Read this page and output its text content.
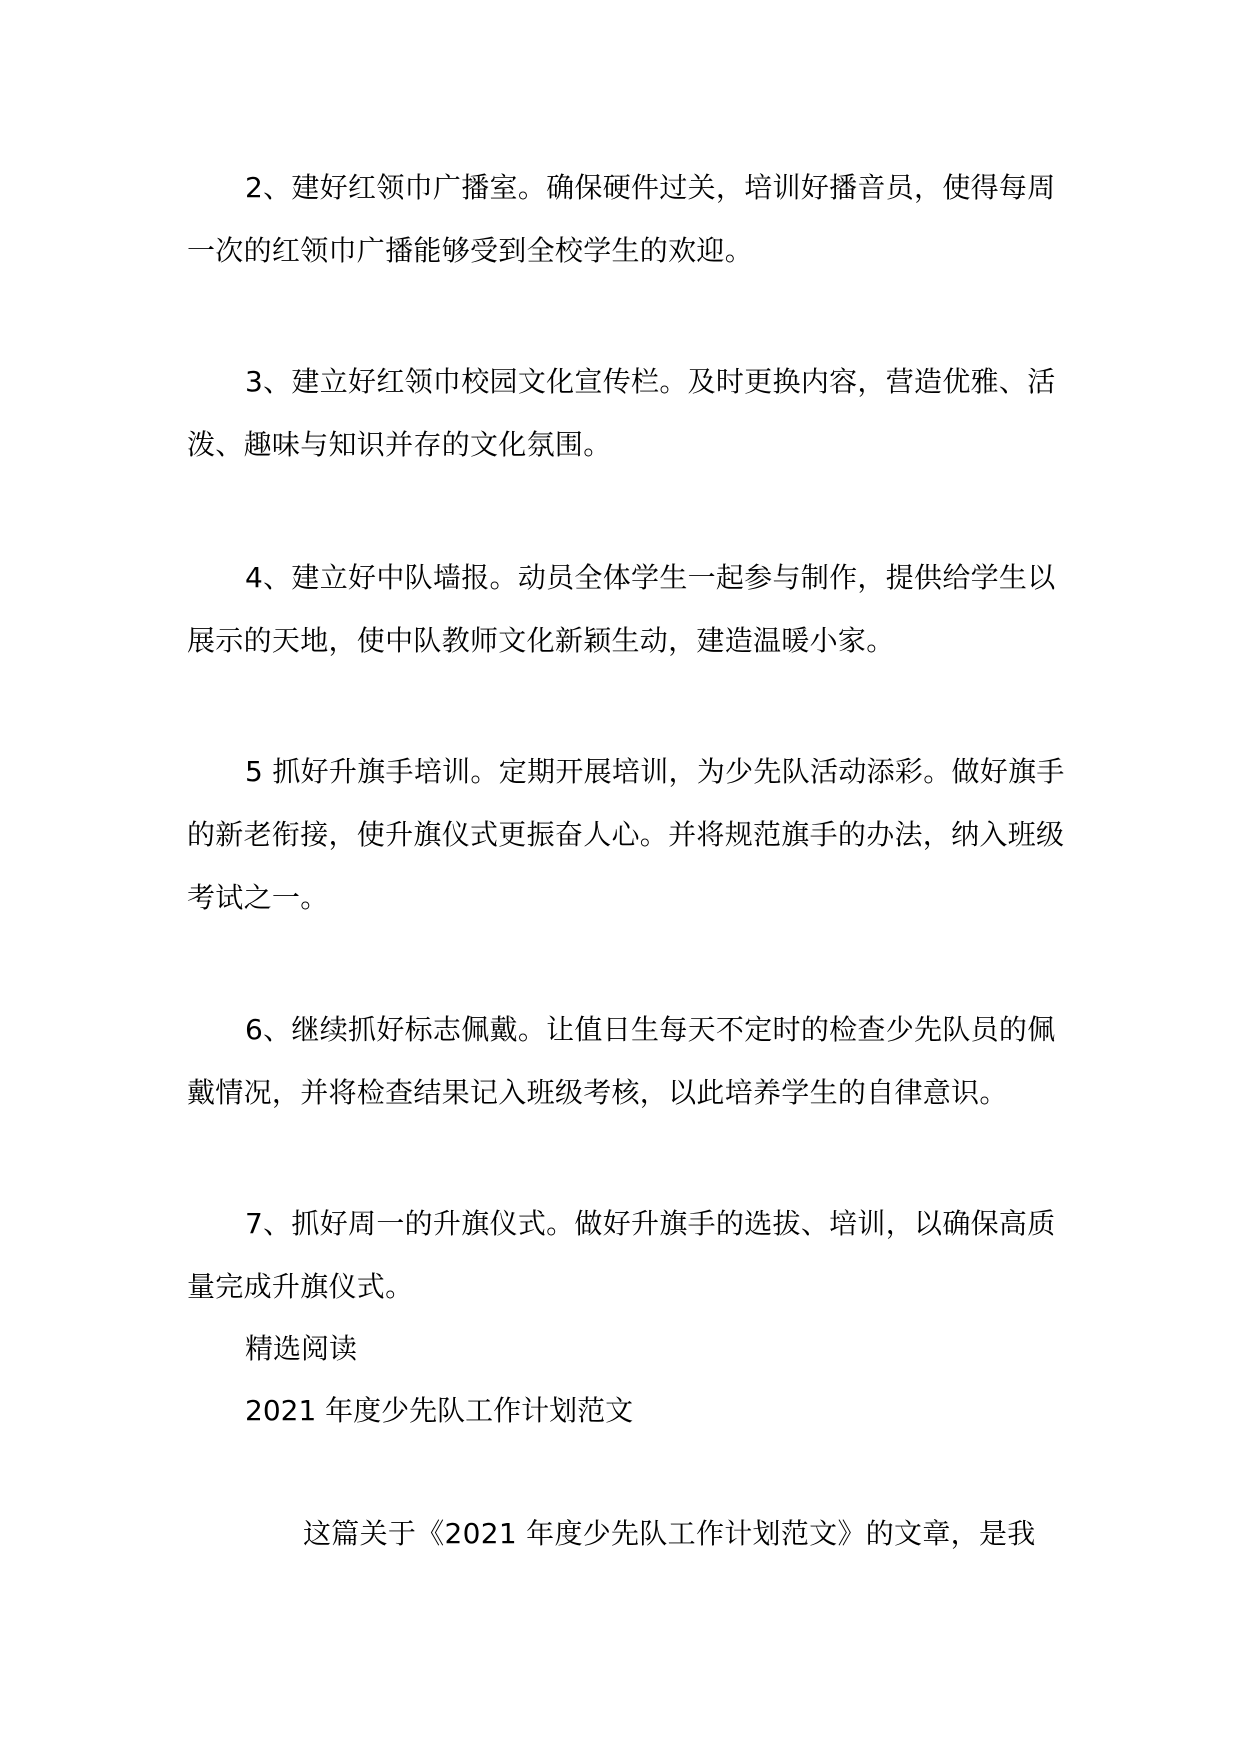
2、建好红领巾广播室。确保硬件过关，培训好播音员，使得每周一次的红领巾广播能够受到全校学生的欢迎。

3、建立好红领巾校园文化宣传栏。及时更换内容，营造优雅、活泼、趣味与知识并存的文化氛围。

4、建立好中队墙报。动员全体学生一起参与制作，提供给学生以展示的天地，使中队教师文化新颖生动，建造温暖小家。

5 抓好升旗手培训。定期开展培训，为少先队活动添彩。做好旗手的新老衔接，使升旗仪式更振奋人心。并将规范旗手的办法，纳入班级考试之一。

6、继续抓好标志佩戴。让值日生每天不定时的检查少先队员的佩戴情况，并将检查结果记入班级考核，以此培养学生的自律意识。

7、抓好周一的升旗仪式。做好升旗手的选拔、培训，以确保高质量完成升旗仪式。

精选阅读

2021 年度少先队工作计划范文

这篇关于《2021 年度少先队工作计划范文》的文章，是我
